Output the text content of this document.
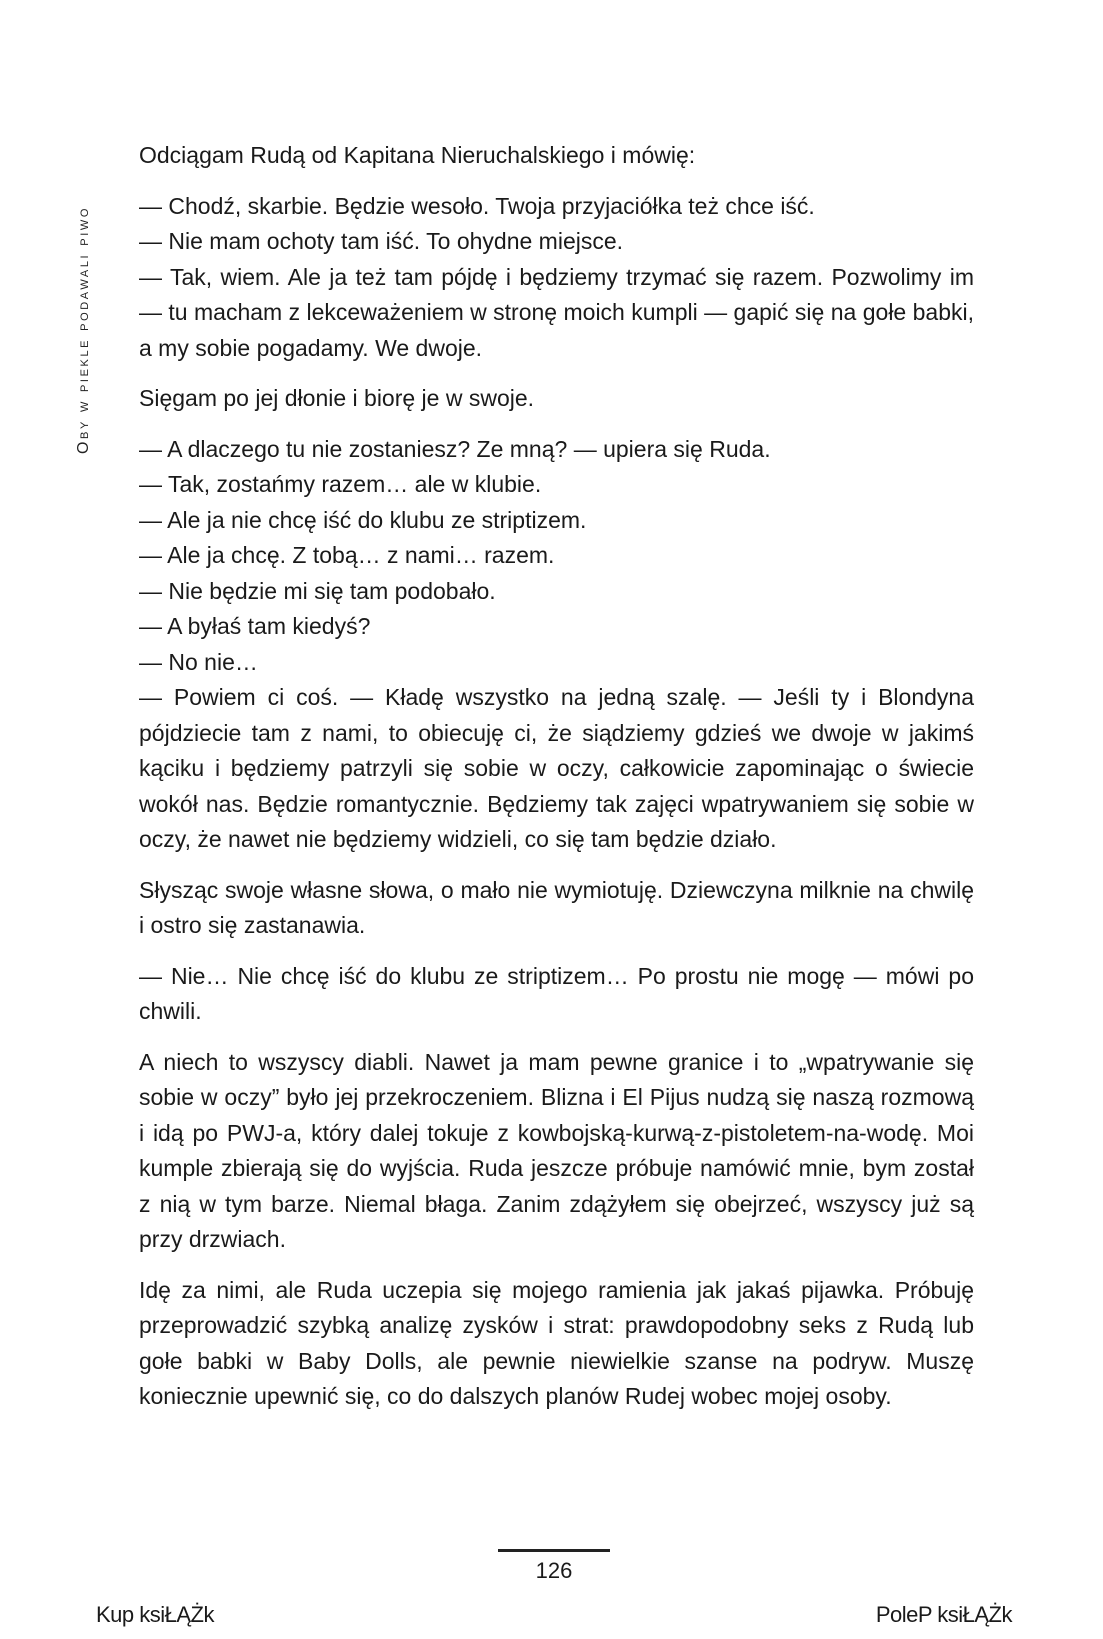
Oby w piekle podawali piwo

Odciągam Rudą od Kapitana Nieruchalskiego i mówię:

— Chodź, skarbie. Będzie wesoło. Twoja przyjaciółka też chce iść.

— Nie mam ochoty tam iść. To ohydne miejsce.

— Tak, wiem. Ale ja też tam pójdę i będziemy trzymać się razem. Pozwolimy im — tu macham z lekceważeniem w stronę moich kumpli — gapić się na gołe babki, a my sobie pogadamy. We dwoje.

Sięgam po jej dłonie i biorę je w swoje.

— A dlaczego tu nie zostaniesz? Ze mną? — upiera się Ruda.

— Tak, zostańmy razem… ale w klubie.

— Ale ja nie chcę iść do klubu ze striptizem.

— Ale ja chcę. Z tobą… z nami… razem.

— Nie będzie mi się tam podobało.

— A byłaś tam kiedyś?

— No nie…

— Powiem ci coś. — Kładę wszystko na jedną szalę. — Jeśli ty i Blondyna pójdziecie tam z nami, to obiecuję ci, że siądziemy gdzieś we dwoje w jakimś kąciku i będziemy patrzyli się sobie w oczy, całkowicie zapominając o świecie wokół nas. Będzie romantycznie. Będziemy tak zajęci wpatrywaniem się sobie w oczy, że nawet nie będziemy widzieli, co się tam będzie działo.

Słysząc swoje własne słowa, o mało nie wymiotuję. Dziewczyna milknie na chwilę i ostro się zastanawia.

— Nie… Nie chcę iść do klubu ze striptizem… Po prostu nie mogę — mówi po chwili.

A niech to wszyscy diabli. Nawet ja mam pewne granice i to „wpatrywanie się sobie w oczy” było jej przekroczeniem. Blizna i El Pijus nudzą się naszą rozmową i idą po PWJ-a, który dalej tokuje z kowbojską-kurwą-z-pistoletem-na-wodę. Moi kumple zbierają się do wyjścia. Ruda jeszcze próbuje namówić mnie, bym został z nią w tym barze. Niemal błaga. Zanim zdążyłem się obejrzeć, wszyscy już są przy drzwiach.

Idę za nimi, ale Ruda uczepia się mojego ramienia jak jakaś pijawka. Próbuję przeprowadzić szybką analizę zysków i strat: prawdopodobny seks z Rudą lub gołe babki w Baby Dolls, ale pewnie niewielkie szanse na podryw. Muszę koniecznie upewnić się, co do dalszych planów Rudej wobec mojej osoby.

126
Kup ksiŁĄŻk	PoleP ksiŁĄŻk
